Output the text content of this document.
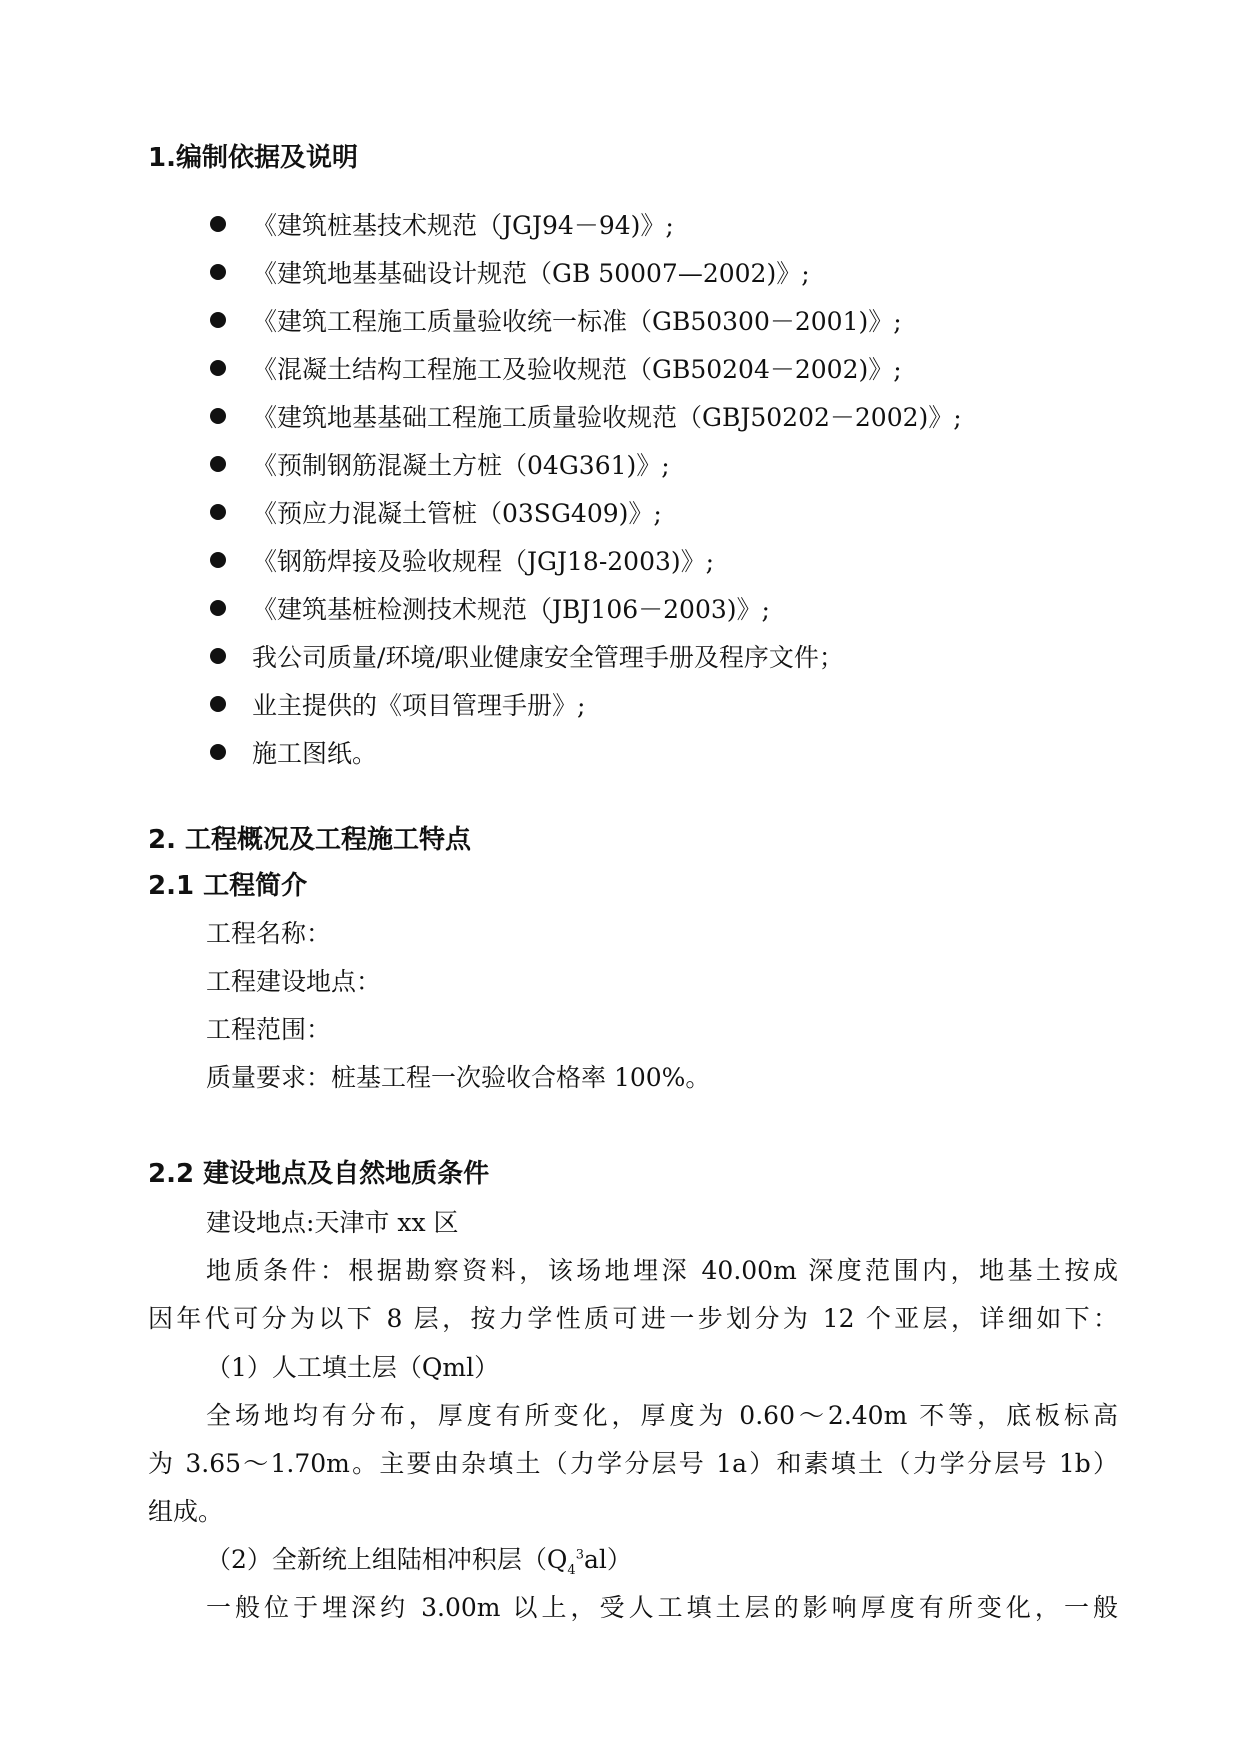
1.编制依据及说明
《建筑桩基技术规范（JGJ94－94)》;
《建筑地基基础设计规范（GB 50007—2002)》;
《建筑工程施工质量验收统一标准（GB50300－2001)》;
《混凝土结构工程施工及验收规范（GB50204－2002)》;
《建筑地基基础工程施工质量验收规范（GBJ50202－2002)》;
《预制钢筋混凝土方桩（04G361)》;
《预应力混凝土管桩（03SG409)》;
《钢筋焊接及验收规程（JGJ18-2003)》;
《建筑基桩检测技术规范（JBJ106－2003)》;
我公司质量/环境/职业健康安全管理手册及程序文件；
业主提供的《项目管理手册》;
施工图纸。
2. 工程概况及工程施工特点
2.1 工程简介
工程名称：
工程建设地点：
工程范围：
质量要求：桩基工程一次验收合格率 100%。
2.2 建设地点及自然地质条件
建设地点:天津市 xx 区
地质条件：根据勘察资料，该场地埋深 40.00m 深度范围内，地基土按成
因年代可分为以下 8 层，按力学性质可进一步划分为 12 个亚层，详细如下：
（1）人工填土层（Qml）
全场地均有分布，厚度有所变化，厚度为 0.60～2.40m 不等，底板标高
为 3.65～1.70m。主要由杂填土（力学分层号 1a）和素填土（力学分层号 1b）
组成。
（2）全新统上组陆相冲积层$(Q_4^3al)$
一般位于埋深约 3.00m 以上，受人工填土层的影响厚度有所变化，一般
